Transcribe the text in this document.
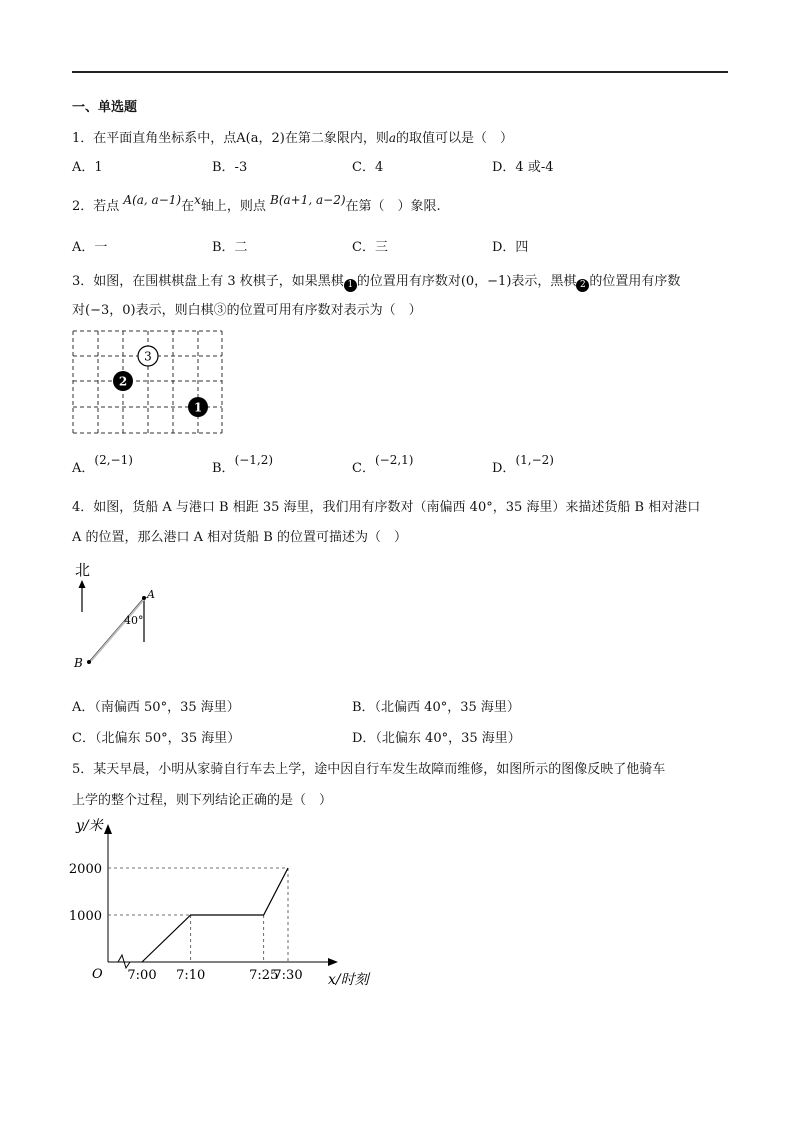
一、单选题
1．在平面直角坐标系中，点A(a，2)在第二象限内，则a的取值可以是（　）
A．1	B．-3	C．4	D．4 或-4
2．若点 A(a, a−1)在x轴上，则点 B(a+1, a−2)在第（　）象限.
A．一	B．二	C．三	D．四
3．如图，在围棋棋盘上有 3 枚棋子，如果黑棋 1 的位置用有序数对(0，−1)表示，黑棋 2 的位置用有序数
对(−3，0)表示，则白棋③的位置可用有序数对表示为（　）
3
2
1
A．(2,−1)
B．(−1,2)
C．(−2,1)
D．(1,−2)
4．如图，货船 A 与港口 B 相距 35 海里，我们用有序数对（南偏西 40°，35 海里）来描述货船 B 相对港口
A 的位置，那么港口 A 相对货船 B 的位置可描述为（　）
北
A
B
40°
A．（南偏西 50°，35 海里）	B．（北偏西 40°，35 海里）
C．（北偏东 50°，35 海里）	D．（北偏东 40°，35 海里）
5．某天早晨，小明从家骑自行车去上学，途中因自行车发生故障而维修，如图所示的图像反映了他骑车
上学的整个过程，则下列结论正确的是（　）
y/米
x/时刻
O
2000
1000
7:00 7:10	7:25
7:30
